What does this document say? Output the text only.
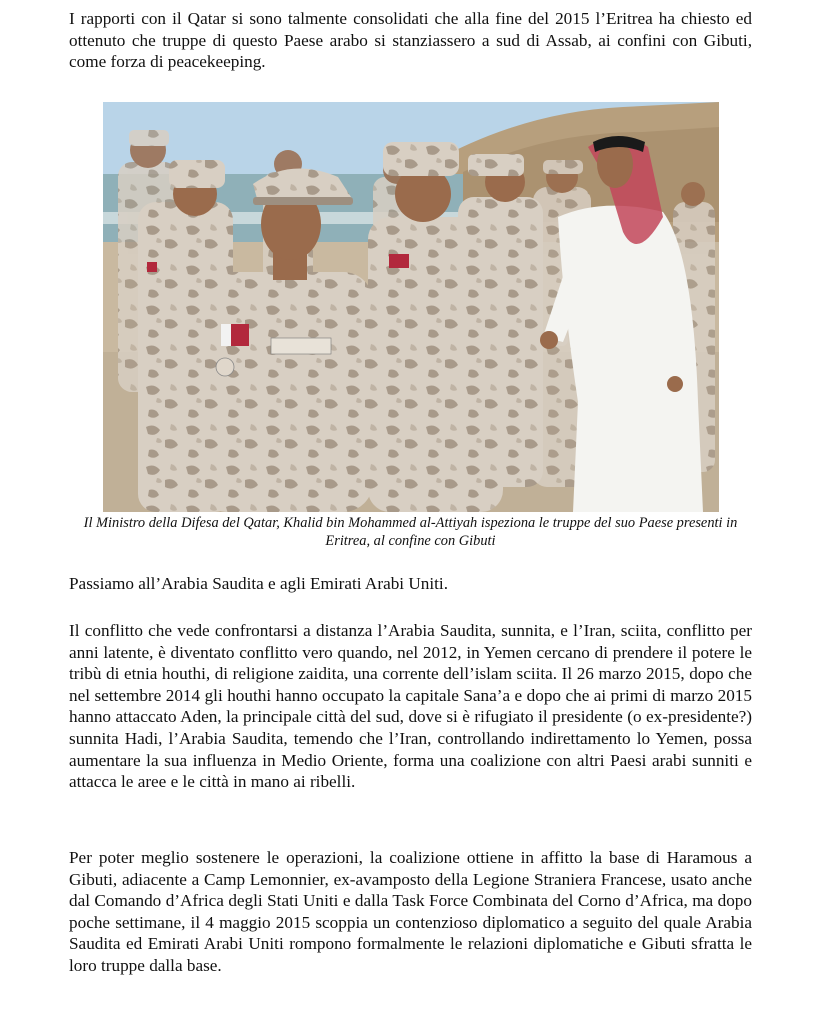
I rapporti con il Qatar si sono talmente consolidati che alla fine del 2015 l’Eritrea ha chiesto ed ottenuto che truppe di questo Paese arabo si stanziassero a sud di Assab, ai confini con Gibuti, come forza di peacekeeping.

Il Ministro della Difesa del Qatar, Khalid bin Mohammed al-Attiyah ispeziona le truppe del suo Paese presenti in Eritrea, al confine con Gibuti

Passiamo all’Arabia Saudita e agli Emirati Arabi Uniti.

Il conflitto che vede confrontarsi a distanza l’Arabia Saudita, sunnita, e l’Iran, sciita, conflitto per anni latente, è diventato conflitto vero quando, nel 2012, in Yemen cercano di prendere il potere le tribù di etnia houthi, di religione zaidita, una corrente dell’islam sciita. Il 26 marzo 2015, dopo che nel settembre 2014 gli houthi hanno occupato la capitale Sana’a e dopo che ai primi di marzo 2015 hanno attaccato Aden, la principale città del sud, dove si è rifugiato il presidente (o ex-presidente?) sunnita Hadi, l’Arabia Saudita, temendo che l’Iran, controllando indirettamento lo Yemen, possa aumentare la sua influenza in Medio Oriente, forma una coalizione con altri Paesi arabi sunniti e attacca le aree e le città in mano ai ribelli.

Per poter meglio sostenere le operazioni, la coalizione ottiene in affitto la base di Haramous a Gibuti, adiacente a Camp Lemonnier, ex-avamposto della Legione Straniera Francese, usato anche dal Comando d’Africa degli Stati Uniti e dalla Task Force Combinata del Corno d’Africa, ma dopo poche settimane, il 4 maggio 2015 scoppia un contenzioso diplomatico a seguito del quale Arabia Saudita ed Emirati Arabi Uniti rompono formalmente le relazioni diplomatiche e Gibuti sfratta le loro truppe dalla base.
